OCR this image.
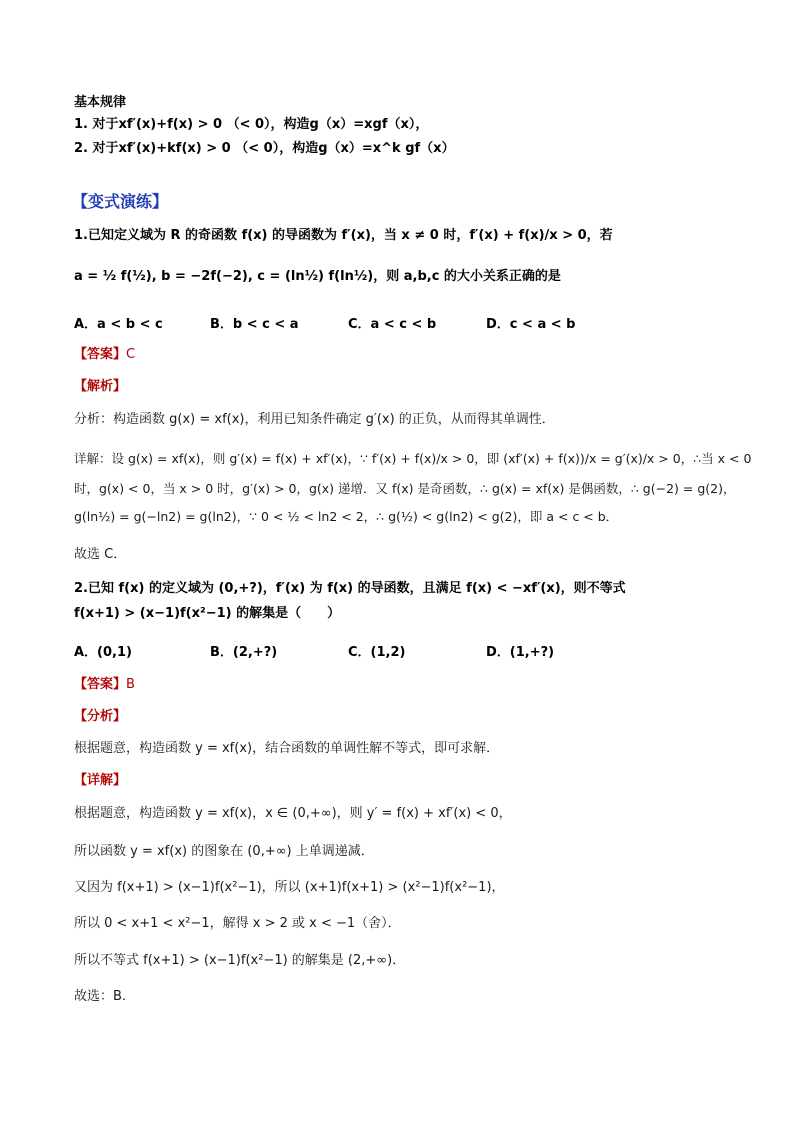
基本规律
1. 对于xf′(x)+f(x) > 0 （< 0），构造g（x）=xgf（x），
2. 对于xf′(x)+kf(x) > 0 （< 0），构造g（x）=x^k gf（x）
【变式演练】
1.已知定义域为 R 的奇函数 f(x) 的导函数为 f′(x)，当 x ≠ 0 时，f′(x) + f(x)/x > 0，若
a = ½ f(½), b = −2f(−2), c = (ln½) f(ln½)，则 a,b,c 的大小关系正确的是
A．a < b < c	B．b < c < a	C．a < c < b	D．c < a < b
【答案】C
【解析】
分析：构造函数 g(x) = xf(x)，利用已知条件确定 g′(x) 的正负，从而得其单调性．
详解：设 g(x) = xf(x)，则 g′(x) = f(x) + xf′(x)，∵ f′(x) + f(x)/x > 0，即 (xf′(x) + f(x))/x = g′(x)/x > 0，∴当 x < 0
时，g(x) < 0，当 x > 0 时，g′(x) > 0，g(x) 递增．又 f(x) 是奇函数，∴ g(x) = xf(x) 是偶函数，∴ g(−2) = g(2)，
g(ln½) = g(−ln2) = g(ln2)，∵ 0 < ½ < ln2 < 2，∴ g(½) < g(ln2) < g(2)，即 a < c < b．
故选 C．
2.已知 f(x) 的定义域为 (0,+?)，f′(x) 为 f(x) 的导函数，且满足 f(x) < −xf′(x)，则不等式
f(x+1) > (x−1)f(x²−1) 的解集是（　　）
A．(0,1)	B．(2,+?)	C．(1,2)	D．(1,+?)
【答案】B
【分析】
根据题意，构造函数 y = xf(x)，结合函数的单调性解不等式，即可求解．
【详解】
根据题意，构造函数 y = xf(x)，x ∈ (0,+∞)，则 y′ = f(x) + xf′(x) < 0，
所以函数 y = xf(x) 的图象在 (0,+∞) 上单调递减．
又因为 f(x+1) > (x−1)f(x²−1)，所以 (x+1)f(x+1) > (x²−1)f(x²−1)，
所以 0 < x+1 < x²−1，解得 x > 2 或 x < −1（舍）．
所以不等式 f(x+1) > (x−1)f(x²−1) 的解集是 (2,+∞)．
故选：B.
